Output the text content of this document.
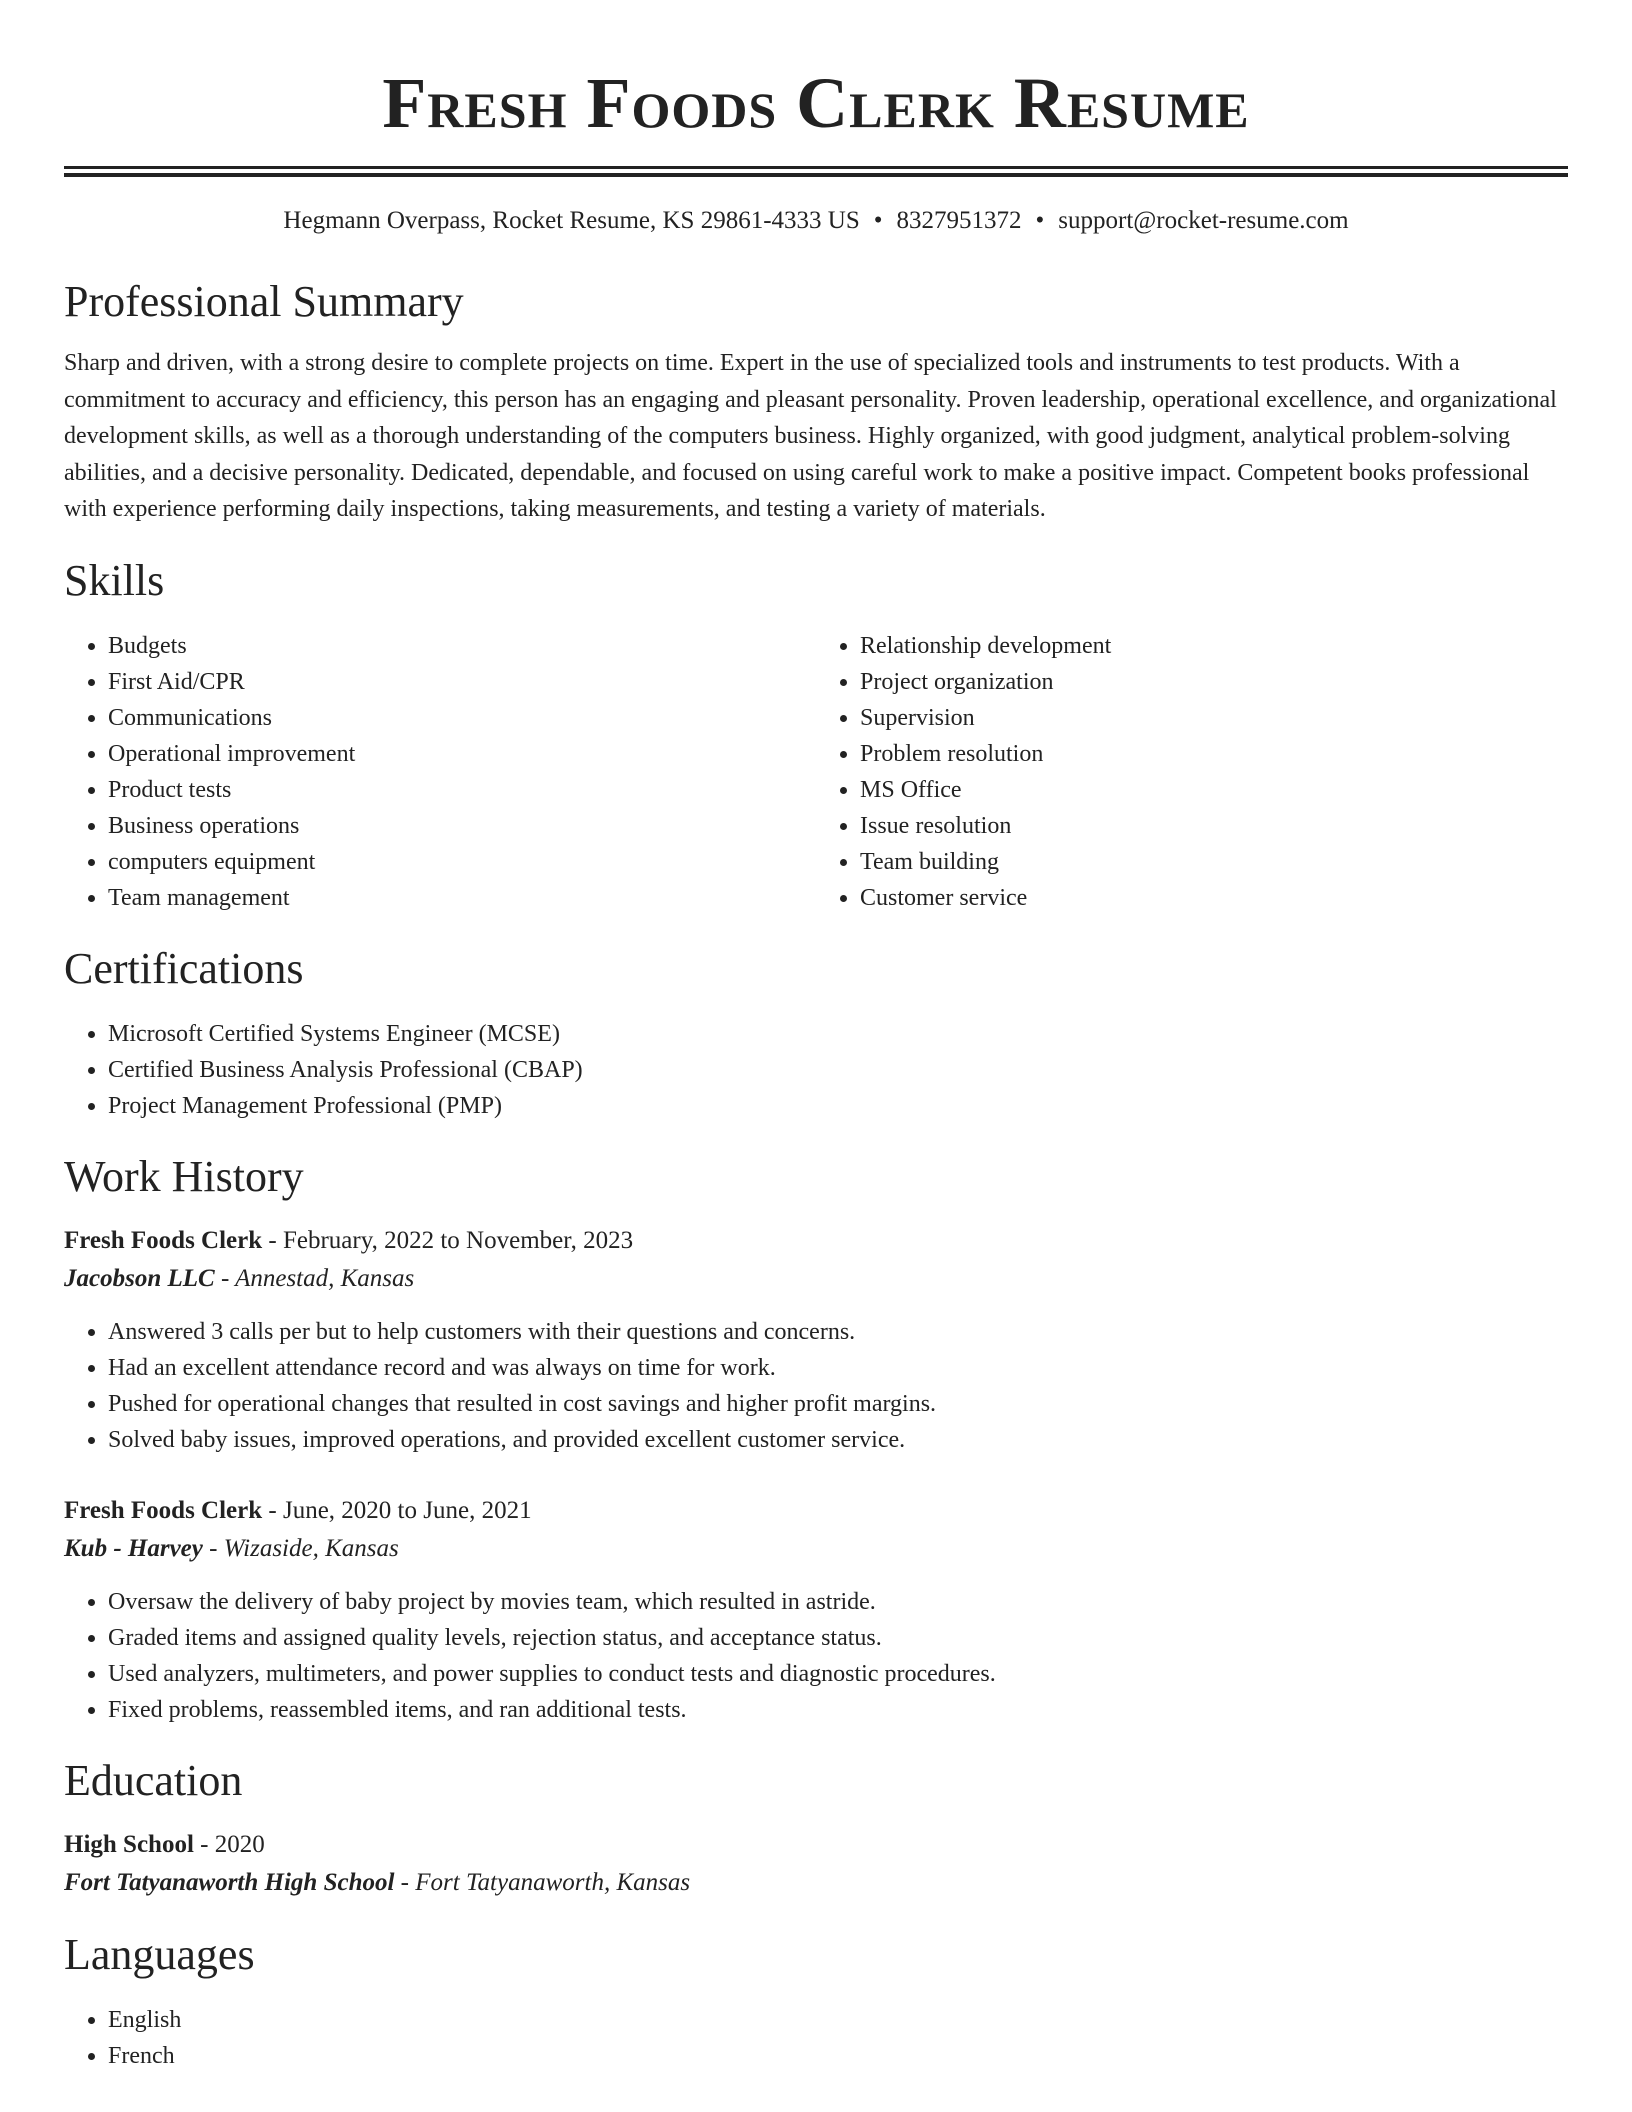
Fresh Foods Clerk Resume
Hegmann Overpass, Rocket Resume, KS 29861-4333 US • 8327951372 • support@rocket-resume.com
Professional Summary

Sharp and driven, with a strong desire to complete projects on time. Expert in the use of specialized tools and instruments to test products. With a commitment to accuracy and efficiency, this person has an engaging and pleasant personality. Proven leadership, operational excellence, and organizational development skills, as well as a thorough understanding of the computers business. Highly organized, with good judgment, analytical problem-solving abilities, and a decisive personality. Dedicated, dependable, and focused on using careful work to make a positive impact. Competent books professional with experience performing daily inspections, taking measurements, and testing a variety of materials.

Skills
• Budgets
• First Aid/CPR
• Communications
• Operational improvement
• Product tests
• Business operations
• computers equipment
• Team management
• Relationship development
• Project organization
• Supervision
• Problem resolution
• MS Office
• Issue resolution
• Team building
• Customer service
Certifications
• Microsoft Certified Systems Engineer (MCSE)
• Certified Business Analysis Professional (CBAP)
• Project Management Professional (PMP)
Work History
Fresh Foods Clerk - February, 2022 to November, 2023
Jacobson LLC - Annestad, Kansas
• Answered 3 calls per but to help customers with their questions and concerns.
• Had an excellent attendance record and was always on time for work.
• Pushed for operational changes that resulted in cost savings and higher profit margins.
• Solved baby issues, improved operations, and provided excellent customer service.
Fresh Foods Clerk - June, 2020 to June, 2021
Kub - Harvey - Wizaside, Kansas
• Oversaw the delivery of baby project by movies team, which resulted in astride.
• Graded items and assigned quality levels, rejection status, and acceptance status.
• Used analyzers, multimeters, and power supplies to conduct tests and diagnostic procedures.
• Fixed problems, reassembled items, and ran additional tests.
Education
High School - 2020
Fort Tatyanaworth High School - Fort Tatyanaworth, Kansas
Languages
• English
• French
